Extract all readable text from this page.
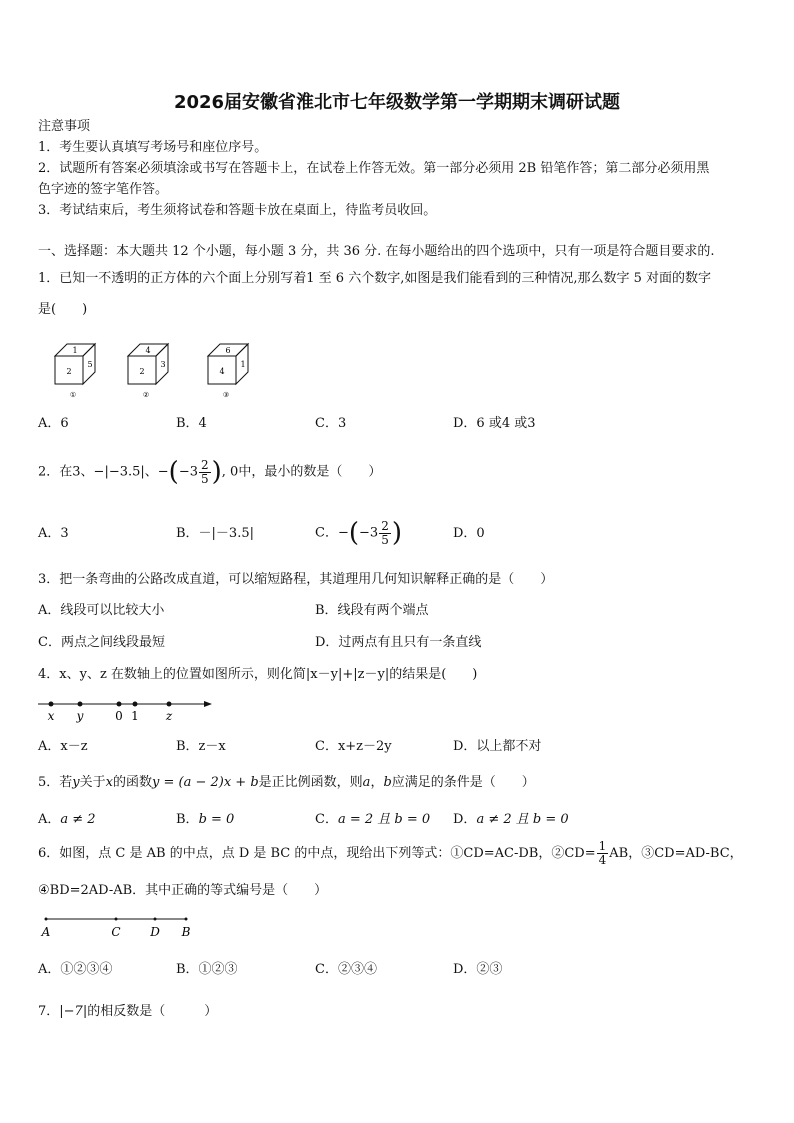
2026届安徽省淮北市七年级数学第一学期期末调研试题
注意事项
1．考生要认真填写考场号和座位序号。
2．试题所有答案必须填涂或书写在答题卡上，在试卷上作答无效。第一部分必须用 2B 铅笔作答；第二部分必须用黑
色字迹的签字笔作答。
3．考试结束后，考生须将试卷和答题卡放在桌面上，待监考员收回。
一、选择题：本大题共 12 个小题，每小题 3 分，共 36 分. 在每小题给出的四个选项中，只有一项是符合题目要求的.
1．已知一不透明的正方体的六个面上分别写着1 至 6 六个数字,如图是我们能看到的三种情况,那么数字 5 对面的数字
是(　　)
1
2
5
①
4
2
3
②
6
4
1
③
A．6	B．4	C．3	D．6 或4 或3
2．在3、−|−3.5|、$-(-3 \frac{2}{5}$ ), 0中，最小的数是（　　）
A．3	B．－|－3.5|	C．$-(-3 \frac{2}{5}$ )	D．0
3．把一条弯曲的公路改成直道，可以缩短路程，其道理用几何知识解释正确的是（　　）
A．线段可以比较大小	B．线段有两个端点
C．两点之间线段最短	D．过两点有且只有一条直线
4．x、y、z 在数轴上的位置如图所示，则化简|x－y|+|z－y|的结果是(　　)
x y	0 1 z
A．x－z	B．z－x	C．x+z－2y	D．以上都不对
5．若y关于x的函数y = (a − 2)x + b是正比例函数，则a，b应满足的条件是（　　）
A．a ≠ 2	B．b = 0	C．a = 2 且 b = 0 D．a ≠ 2 且 b = 0
6．如图，点 C 是 AB 的中点，点 D 是 BC 的中点，现给出下列等式：①CD=AC-DB，②CD= $\frac{1}{4}$ AB，③CD=AD-BC，
④BD=2AD-AB．其中正确的等式编号是（　　）
A	C D B
A．①②③④	B．①②③	C．②③④	D．②③
7．|−7|的相反数是（　　　）
